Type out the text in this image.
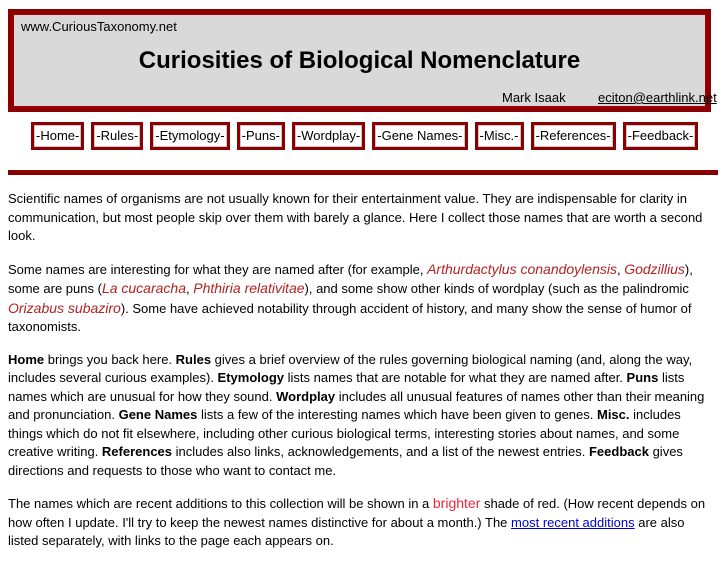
www.CuriousTaxonomy.net
Curiosities of Biological Nomenclature
Mark Isaak eciton@earthlink.net
-Home-	-Rules-	-Etymology-	-Puns-	-Wordplay-	-Gene Names-	-Misc.-	-References-	-Feedback-

Scientific names of organisms are not usually known for their entertainment value. They are indispensable for clarity in communication, but most people skip over them with barely a glance. Here I collect those names that are worth a second look.

Some names are interesting for what they are named after (for example, Arthurdactylus conandoylensis, Godzillius), some are puns (La cucaracha, Phthiria relativitae), and some show other kinds of wordplay (such as the palindromic Orizabus subaziro). Some have achieved notability through accident of history, and many show the sense of humor of taxonomists.

Home brings you back here. Rules gives a brief overview of the rules governing biological naming (and, along the way, includes several curious examples). Etymology lists names that are notable for what they are named after. Puns lists names which are unusual for how they sound. Wordplay includes all unusual features of names other than their meaning and pronunciation. Gene Names lists a few of the interesting names which have been given to genes. Misc. includes things which do not fit elsewhere, including other curious biological terms, interesting stories about names, and some creative writing. References includes also links, acknowledgements, and a list of the newest entries. Feedback gives directions and requests to those who want to contact me.

The names which are recent additions to this collection will be shown in a brighter shade of red. (How recent depends on how often I update. I'll try to keep the newest names distinctive for about a month.) The most recent additions are also listed separately, with links to the page each appears on.
